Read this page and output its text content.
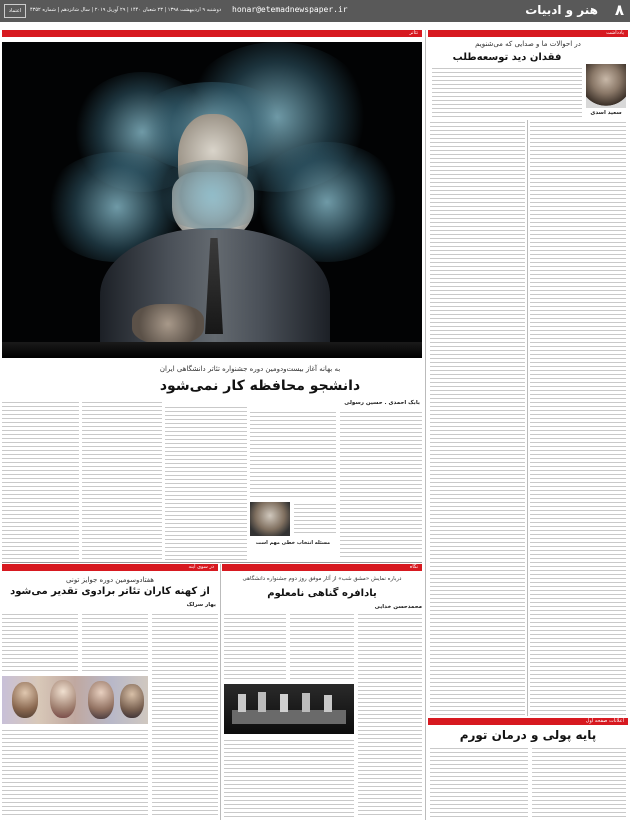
۸
هنر و ادبیات
honar@etemadnewspaper.ir
دوشنبه ۹ اردیبهشت ۱۳۹۸ | ۲۳ شعبان ۱۴۴۰ | ۲۹ آوریل ۲۰۱۹ | سال شانزدهم | شماره ۴۳۵۲
اعتماد
یادداشت
تئاتر
سعید اسدی
در احوالات ما و صدایی که می‌شنویم
فقدان دید توسعه‌طلب
به بهانه آغاز بیست‌ودومین دوره جشنواره تئاتر دانشگاهی ایران
دانشجو محافظه کار نمی‌شود
بابک احمدی . حسین رسولی
مسئله انتخاب خطی مهم است
در سوی آینه	نگاه
هفتادوسومین دوره جوایز تونی
از کهنه کاران تئاتر برادوی تقدیر می‌شود
بهار سرلک
درباره نمایش «مشق شب» از آثار موفق روز دوم جشنواره دانشگاهی
یادافره گناهی نامعلوم
محمدحسن خدایی
اعلانات صفحه اول
پایه پولی و درمان تورم
